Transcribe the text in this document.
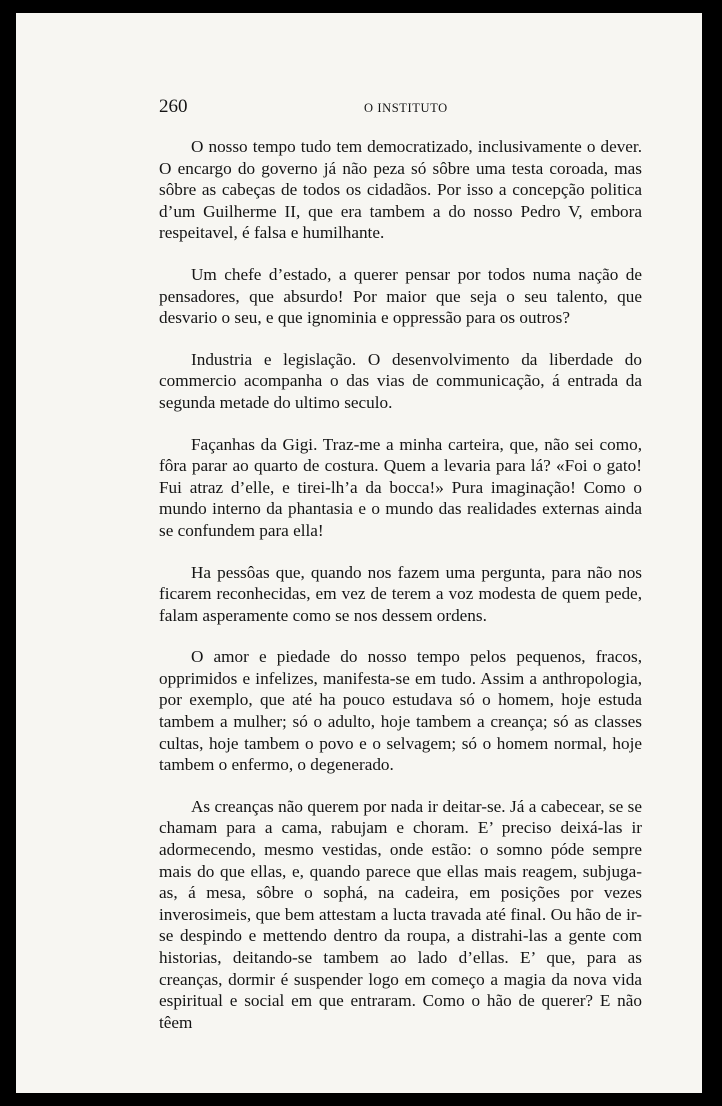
260	O INSTITUTO

O nosso tempo tudo tem democratizado, inclusivamente o dever. O encargo do governo já não peza só sôbre uma testa coroada, mas sôbre as cabeças de todos os cidadãos. Por isso a concepção politica d’um Guilherme II, que era tambem a do nosso Pedro V, embora respeitavel, é falsa e humilhante.

Um chefe d’estado, a querer pensar por todos numa nação de pensadores, que absurdo! Por maior que seja o seu talento, que desvario o seu, e que ignominia e oppressão para os outros?

Industria e legislação. O desenvolvimento da liberdade do commercio acompanha o das vias de communicação, á entrada da segunda metade do ultimo seculo.

Façanhas da Gigi. Traz-me a minha carteira, que, não sei como, fôra parar ao quarto de costura. Quem a levaria para lá? «Foi o gato! Fui atraz d’elle, e tirei-lh’a da bocca!» Pura imaginação! Como o mundo interno da phantasia e o mundo das realidades externas ainda se confundem para ella!

Ha pessôas que, quando nos fazem uma pergunta, para não nos ficarem reconhecidas, em vez de terem a voz modesta de quem pede, falam asperamente como se nos dessem ordens.

O amor e piedade do nosso tempo pelos pequenos, fracos, opprimidos e infelizes, manifesta-se em tudo. Assim a anthropologia, por exemplo, que até ha pouco estudava só o homem, hoje estuda tambem a mulher; só o adulto, hoje tambem a creança; só as classes cultas, hoje tambem o povo e o selvagem; só o homem normal, hoje tambem o enfermo, o degenerado.

As creanças não querem por nada ir deitar-se. Já a cabecear, se se chamam para a cama, rabujam e choram. E’ preciso deixá-las ir adormecendo, mesmo vestidas, onde estão: o somno póde sempre mais do que ellas, e, quando parece que ellas mais reagem, subjuga-as, á mesa, sôbre o sophá, na cadeira, em posições por vezes inverosimeis, que bem attestam a lucta travada até final. Ou hão de ir-se despindo e mettendo dentro da roupa, a distrahi-las a gente com historias, deitando-se tambem ao lado d’ellas. E’ que, para as creanças, dormir é suspender logo em começo a magia da nova vida espiritual e social em que entraram. Como o hão de querer? E não têem
